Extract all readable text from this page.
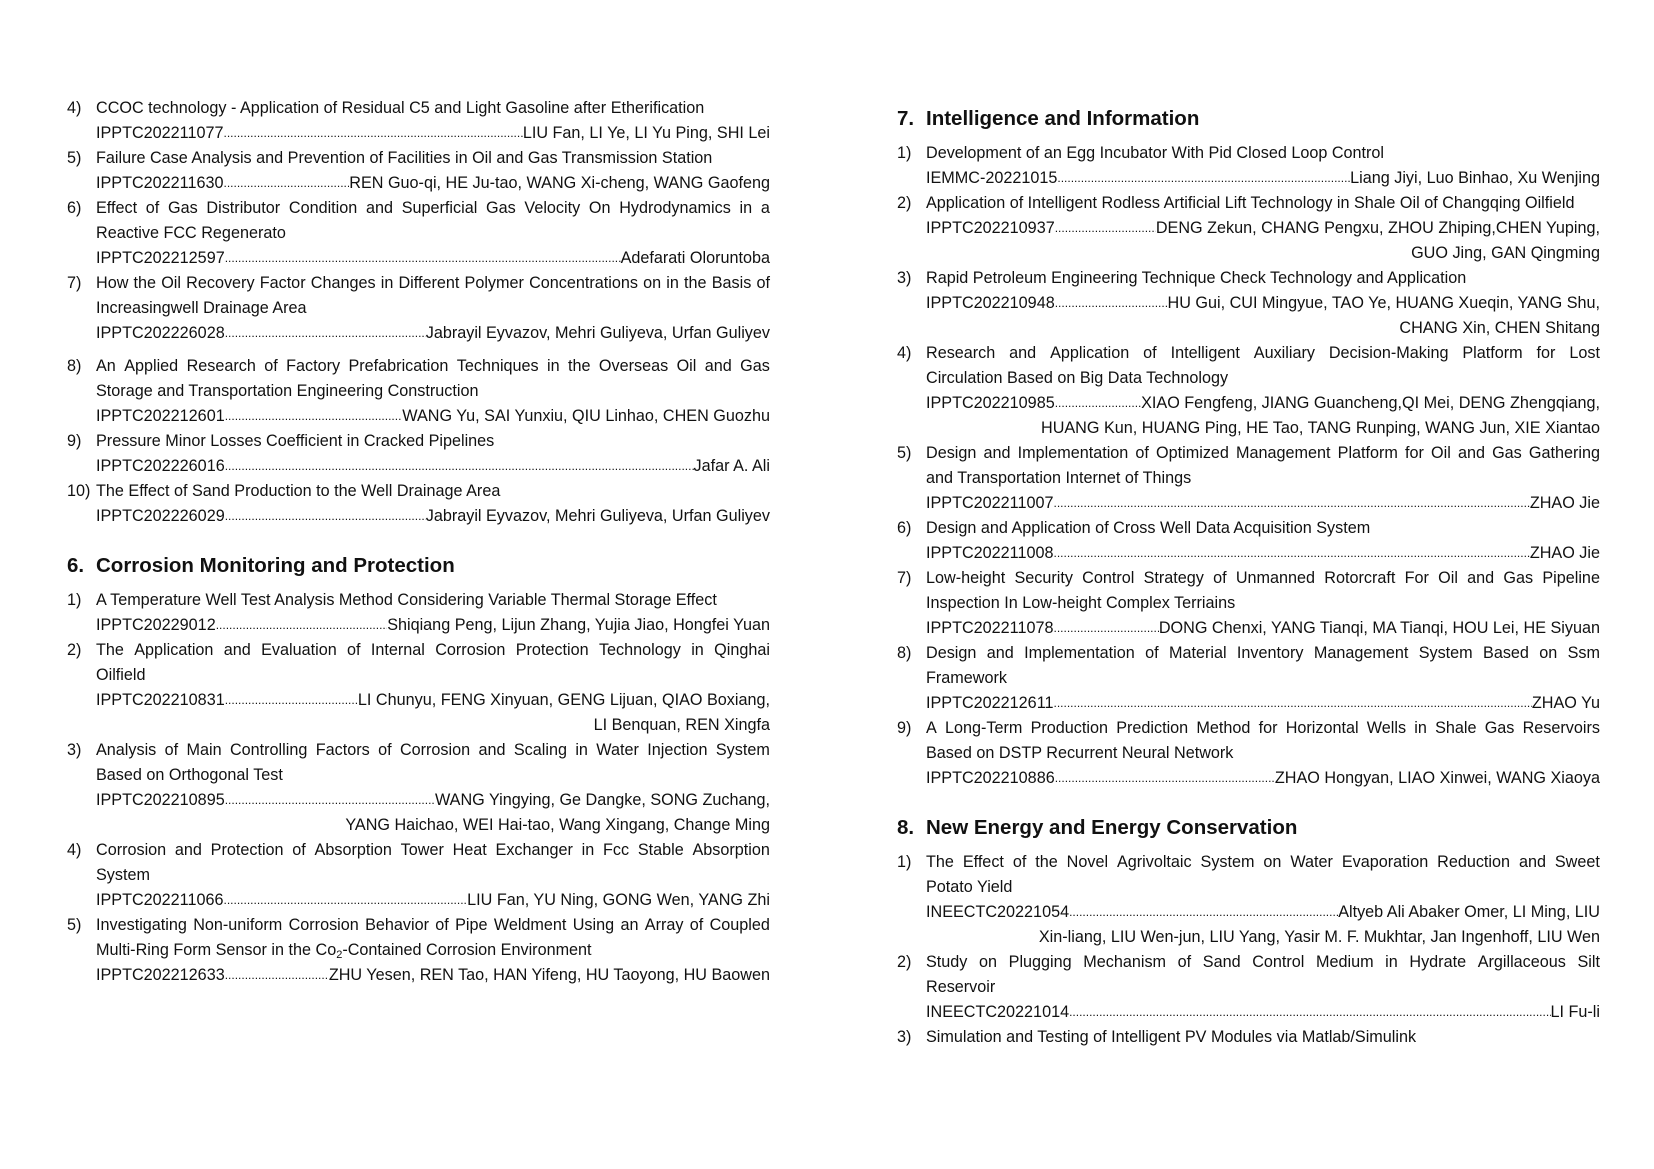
4) CCOC technology - Application of Residual C5 and Light Gasoline after Etherification
IPPTC202211077 .....	LIU Fan, LI Ye, LI Yu Ping, SHI Lei
5) Failure Case Analysis and Prevention of Facilities in Oil and Gas Transmission Station
IPPTC202211630 .....	REN Guo-qi, HE Ju-tao, WANG Xi-cheng, WANG Gaofeng
6) Effect of Gas Distributor Condition and Superficial Gas Velocity On Hydrodynamics in a
Reactive FCC Regenerato
IPPTC202212597 .....	Adefarati Oloruntoba
7) How the Oil Recovery Factor Changes in Different Polymer Concentrations on in the Basis of
Increasingwell Drainage Area
IPPTC202226028 .....	Jabrayil Eyvazov, Mehri Guliyeva, Urfan Guliyev
8) An Applied Research of Factory Prefabrication Techniques in the Overseas Oil and Gas
Storage and Transportation Engineering Construction
IPPTC202212601 .....	WANG Yu, SAI Yunxiu, QIU Linhao, CHEN Guozhu
9) Pressure Minor Losses Coefficient in Cracked Pipelines
IPPTC202226016 .....	Jafar A. Ali
10) The Effect of Sand Production to the Well Drainage Area
IPPTC202226029 .....	Jabrayil Eyvazov, Mehri Guliyeva, Urfan Guliyev
6. Corrosion Monitoring and Protection
1) A Temperature Well Test Analysis Method Considering Variable Thermal Storage Effect
IPPTC20229012 .....	Shiqiang Peng, Lijun Zhang, Yujia Jiao, Hongfei Yuan
2) The Application and Evaluation of Internal Corrosion Protection Technology in Qinghai
Oilfield
IPPTC202210831 .....	LI Chunyu, FENG Xinyuan, GENG Lijuan, QIAO Boxiang,
LI Benquan, REN Xingfa
3) Analysis of Main Controlling Factors of Corrosion and Scaling in Water Injection System
Based on Orthogonal Test
IPPTC202210895 .....	WANG Yingying, Ge Dangke, SONG Zuchang,
YANG Haichao, WEI Hai-tao, Wang Xingang, Change Ming
4) Corrosion and Protection of Absorption Tower Heat Exchanger in Fcc Stable Absorption
System
IPPTC202211066 .....	LIU Fan, YU Ning, GONG Wen, YANG Zhi
5) Investigating Non-uniform Corrosion Behavior of Pipe Weldment Using an Array of Coupled
Multi-Ring Form Sensor in the $Co_2$-Contained Corrosion Environment
IPPTC202212633 .....	ZHU Yesen, REN Tao, HAN Yifeng, HU Taoyong, HU Baowen
7. Intelligence and Information
1) Development of an Egg Incubator With Pid Closed Loop Control
IEMMC-20221015 .....	Liang Jiyi, Luo Binhao, Xu Wenjing
2) Application of Intelligent Rodless Artificial Lift Technology in Shale Oil of Changqing Oilfield
IPPTC202210937 .....	DENG Zekun, CHANG Pengxu, ZHOU Zhiping,CHEN Yuping,
GUO Jing, GAN Qingming
3) Rapid Petroleum Engineering Technique Check Technology and Application
IPPTC202210948 .....	HU Gui, CUI Mingyue, TAO Ye, HUANG Xueqin, YANG Shu,
CHANG Xin, CHEN Shitang
4) Research and Application of Intelligent Auxiliary Decision-Making Platform for Lost
Circulation Based on Big Data Technology
IPPTC202210985 .....	XIAO Fengfeng, JIANG Guancheng,QI Mei, DENG Zhengqiang,
HUANG Kun, HUANG Ping, HE Tao, TANG Runping, WANG Jun, XIE Xiantao
5) Design and Implementation of Optimized Management Platform for Oil and Gas Gathering
and Transportation Internet of Things
IPPTC202211007 .....	ZHAO Jie
6) Design and Application of Cross Well Data Acquisition System
IPPTC202211008 .....	ZHAO Jie
7) Low-height Security Control Strategy of Unmanned Rotorcraft For Oil and Gas Pipeline
Inspection In Low-height Complex Terriains
IPPTC202211078 .....	DONG Chenxi, YANG Tianqi, MA Tianqi, HOU Lei, HE Siyuan
8) Design and Implementation of Material Inventory Management System Based on Ssm
Framework
IPPTC202212611 .....	ZHAO Yu
9) A Long-Term Production Prediction Method for Horizontal Wells in Shale Gas Reservoirs
Based on DSTP Recurrent Neural Network
IPPTC202210886 .....	ZHAO Hongyan, LIAO Xinwei, WANG Xiaoya
8. New Energy and Energy Conservation
1) The Effect of the Novel Agrivoltaic System on Water Evaporation Reduction and Sweet
Potato Yield
INEECTC20221054 .....	Altyeb Ali Abaker Omer, LI Ming, LIU
Xin-liang, LIU Wen-jun, LIU Yang, Yasir M. F. Mukhtar, Jan Ingenhoff, LIU Wen
2) Study on Plugging Mechanism of Sand Control Medium in Hydrate Argillaceous Silt
Reservoir
INEECTC20221014 .....	LI Fu-li
3) Simulation and Testing of Intelligent PV Modules via Matlab/Simulink
